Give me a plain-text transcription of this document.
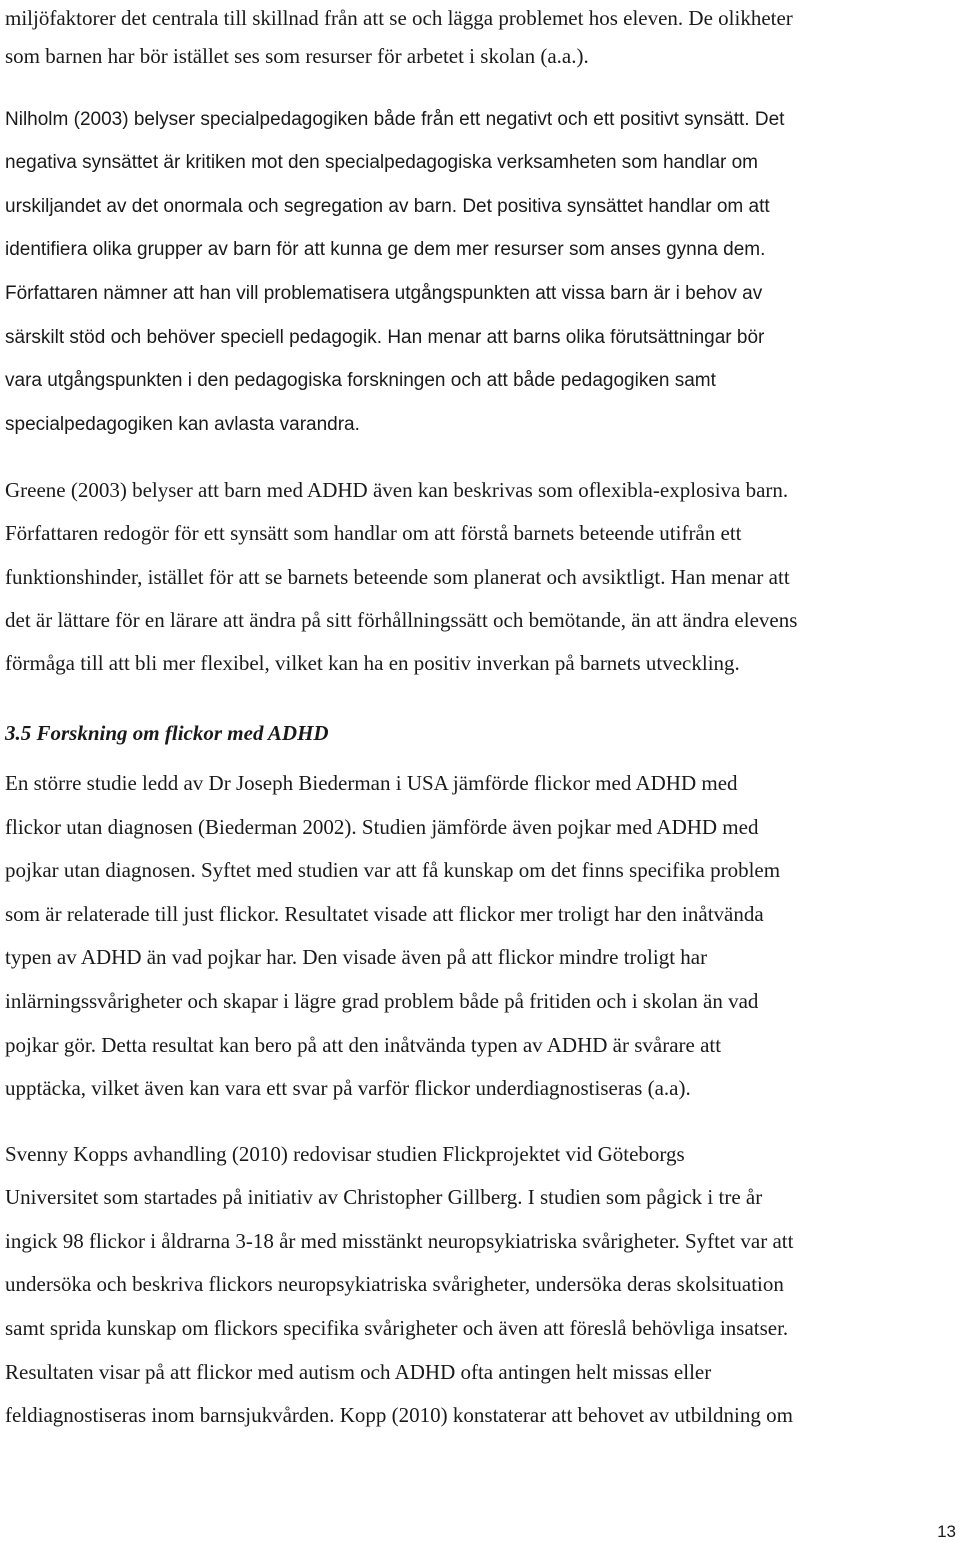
miljöfaktorer det centrala till skillnad från att se och lägga problemet hos eleven. De olikheter
som barnen har bör istället ses som resurser för arbetet i skolan (a.a.).
Nilholm (2003) belyser specialpedagogiken både från ett negativt och ett positivt synsätt. Det
negativa synsättet är kritiken mot den specialpedagogiska verksamheten som handlar om
urskiljandet av det onormala och segregation av barn. Det positiva synsättet handlar om att
identifiera olika grupper av barn för att kunna ge dem mer resurser som anses gynna dem.
Författaren nämner att han vill problematisera utgångspunkten att vissa barn är i behov av
särskilt stöd och behöver speciell pedagogik. Han menar att barns olika förutsättningar bör
vara utgångspunkten i den pedagogiska forskningen och att både pedagogiken samt
specialpedagogiken kan avlasta varandra.
Greene (2003) belyser att barn med ADHD även kan beskrivas som oflexibla-explosiva barn.
Författaren redogör för ett synsätt som handlar om att förstå barnets beteende utifrån ett
funktionshinder, istället för att se barnets beteende som planerat och avsiktligt. Han menar att
det är lättare för en lärare att ändra på sitt förhållningssätt och bemötande, än att ändra elevens
förmåga till att bli mer flexibel, vilket kan ha en positiv inverkan på barnets utveckling.
3.5 Forskning om flickor med ADHD
En större studie ledd av Dr Joseph Biederman i USA jämförde flickor med ADHD med
flickor utan diagnosen (Biederman 2002). Studien jämförde även pojkar med ADHD med
pojkar utan diagnosen. Syftet med studien var att få kunskap om det finns specifika problem
som är relaterade till just flickor. Resultatet visade att flickor mer troligt har den inåtvända
typen av ADHD än vad pojkar har. Den visade även på att flickor mindre troligt har
inlärningssvårigheter och skapar i lägre grad problem både på fritiden och i skolan än vad
pojkar gör. Detta resultat kan bero på att den inåtvända typen av ADHD är svårare att
upptäcka, vilket även kan vara ett svar på varför flickor underdiagnostiseras (a.a).
Svenny Kopps avhandling (2010) redovisar studien Flickprojektet vid Göteborgs
Universitet som startades på initiativ av Christopher Gillberg. I studien som pågick i tre år
ingick 98 flickor i åldrarna 3-18 år med misstänkt neuropsykiatriska svårigheter. Syftet var att
undersöka och beskriva flickors neuropsykiatriska svårigheter, undersöka deras skolsituation
samt sprida kunskap om flickors specifika svårigheter och även att föreslå behövliga insatser.
Resultaten visar på att flickor med autism och ADHD ofta antingen helt missas eller
feldiagnostiseras inom barnsjukvården. Kopp (2010) konstaterar att behovet av utbildning om
13
